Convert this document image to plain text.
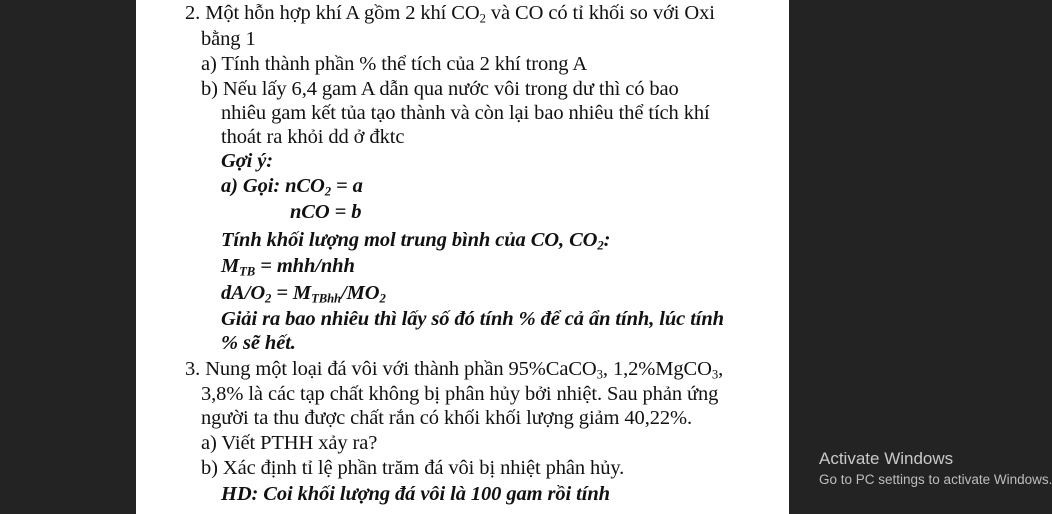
2. Một hỗn hợp khí A gồm 2 khí $CO_2$ và CO có tỉ khối so với Oxi
bằng 1
a) Tính thành phần % thể tích của 2 khí trong A
b) Nếu lấy 6,4 gam A dẫn qua nước vôi trong dư thì có bao
nhiêu gam kết tủa tạo thành và còn lại bao nhiêu thể tích khí
thoát ra khỏi dd ở đktc
Gợi ý:
a) Gọi: nCO$_2$ = a
nCO = b
Tính khối lượng mol trung bình của CO, $CO_2$:
$M_{TB} = mhh/nhh$
$dA/O_2 = M_{TBhh}/MO_2$
Giải ra bao nhiêu thì lấy số đó tính % để cả ẩn tính, lúc tính
% sẽ hết.
3. Nung một loại đá vôi với thành phần 95%CaCO$_3$, 1,2%MgCO$_3$,
3,8% là các tạp chất không bị phân hủy bởi nhiệt. Sau phản ứng
người ta thu được chất rắn có khối khối lượng giảm 40,22%.
a) Viết PTHH xảy ra?
b) Xác định tỉ lệ phần trăm đá vôi bị nhiệt phân hủy.
HD: Coi khối lượng đá vôi là 100 gam rồi tính
Activate Windows
Go to PC settings to activate Windows.
